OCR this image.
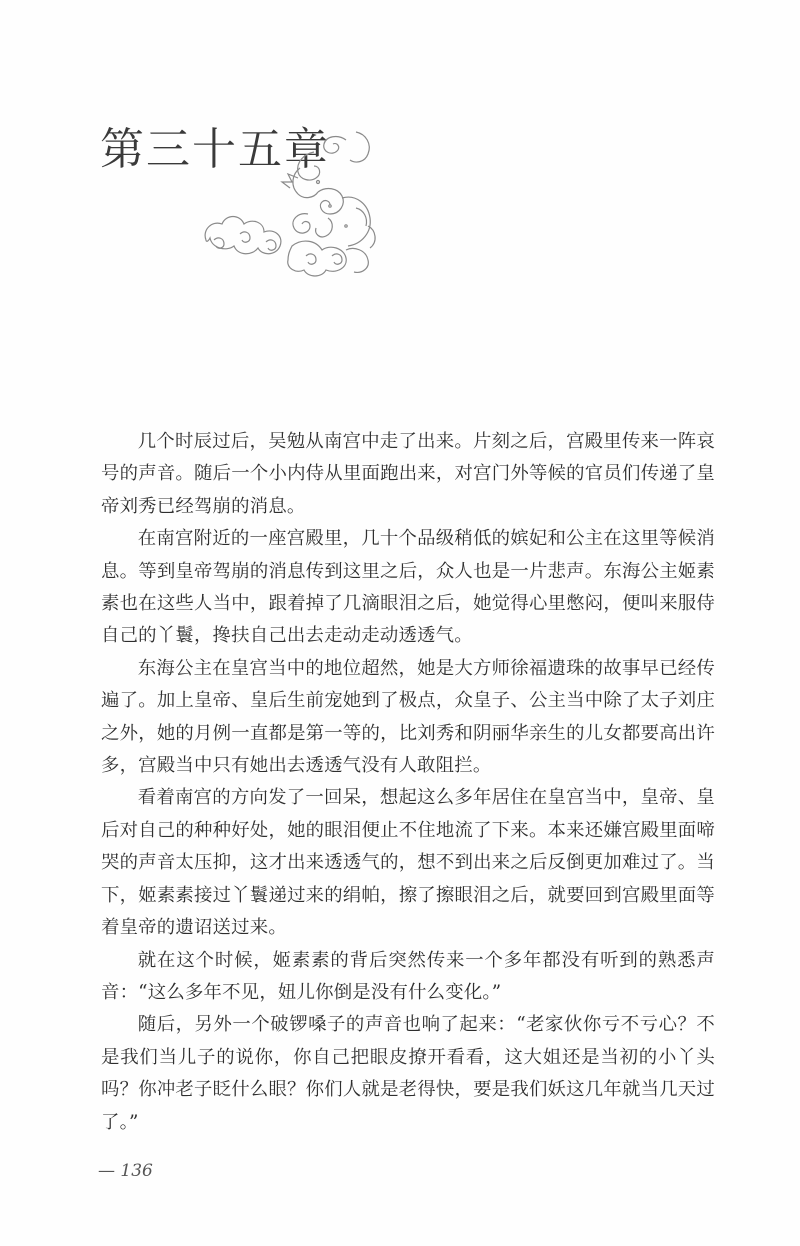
第三十五章

几个时辰过后，吴勉从南宫中走了出来。片刻之后，宫殿里传来一阵哀号的声音。随后一个小内侍从里面跑出来，对宫门外等候的官员们传递了皇帝刘秀已经驾崩的消息。

在南宫附近的一座宫殿里，几十个品级稍低的嫔妃和公主在这里等候消息。等到皇帝驾崩的消息传到这里之后，众人也是一片悲声。东海公主姬素素也在这些人当中，跟着掉了几滴眼泪之后，她觉得心里憋闷，便叫来服侍自己的丫鬟，搀扶自己出去走动走动透透气。

东海公主在皇宫当中的地位超然，她是大方师徐福遗珠的故事早已经传遍了。加上皇帝、皇后生前宠她到了极点，众皇子、公主当中除了太子刘庄之外，她的月例一直都是第一等的，比刘秀和阴丽华亲生的儿女都要高出许多，宫殿当中只有她出去透透气没有人敢阻拦。

看着南宫的方向发了一回呆，想起这么多年居住在皇宫当中，皇帝、皇后对自己的种种好处，她的眼泪便止不住地流了下来。本来还嫌宫殿里面啼哭的声音太压抑，这才出来透透气的，想不到出来之后反倒更加难过了。当下，姬素素接过丫鬟递过来的绢帕，擦了擦眼泪之后，就要回到宫殿里面等着皇帝的遗诏送过来。

就在这个时候，姬素素的背后突然传来一个多年都没有听到的熟悉声音：“这么多年不见，妞儿你倒是没有什么变化。”

随后，另外一个破锣嗓子的声音也响了起来：“老家伙你亏不亏心？不是我们当儿子的说你，你自己把眼皮撩开看看，这大姐还是当初的小丫头吗？你冲老子眨什么眼？你们人就是老得快，要是我们妖这几年就当几天过了。”

— 136
